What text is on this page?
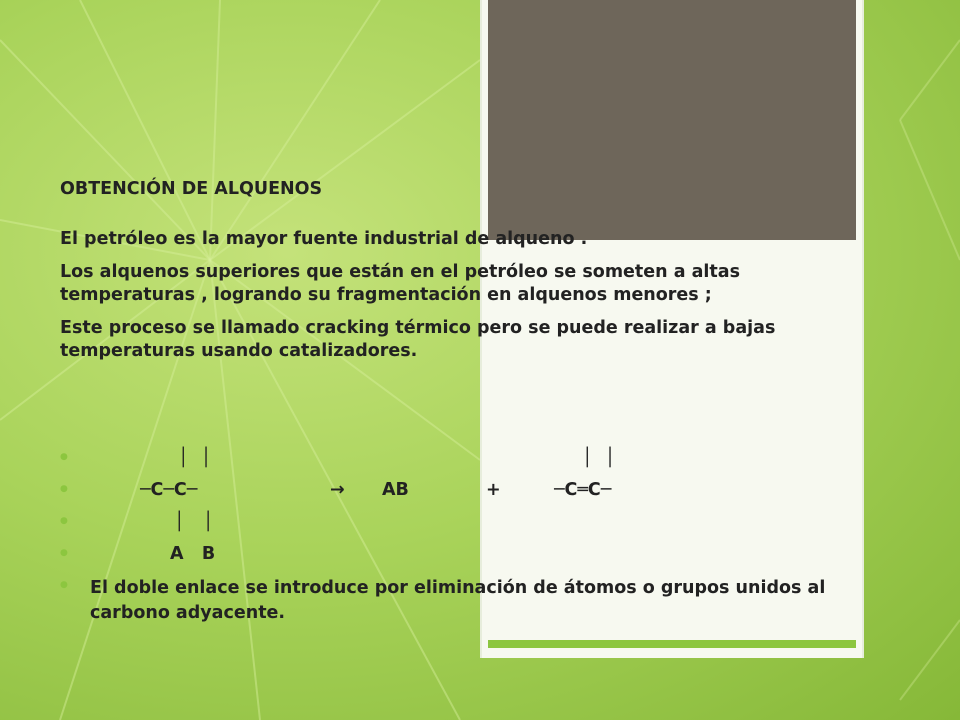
OBTENCIÓN DE ALQUENOS
El petróleo es la mayor fuente industrial de alqueno .
Los alquenos superiores que están en el petróleo se someten a altas temperaturas , logrando su fragmentación en alquenos menores ;
Este proceso se llamado cracking térmico pero se puede realizar a bajas temperaturas usando catalizadores.
●	│  │	│  │
●	─C─C─	→ AB	+	─C═C─
●	│   │
●	A   B
● El doble enlace se introduce por eliminación de átomos o grupos unidos al carbono adyacente.
